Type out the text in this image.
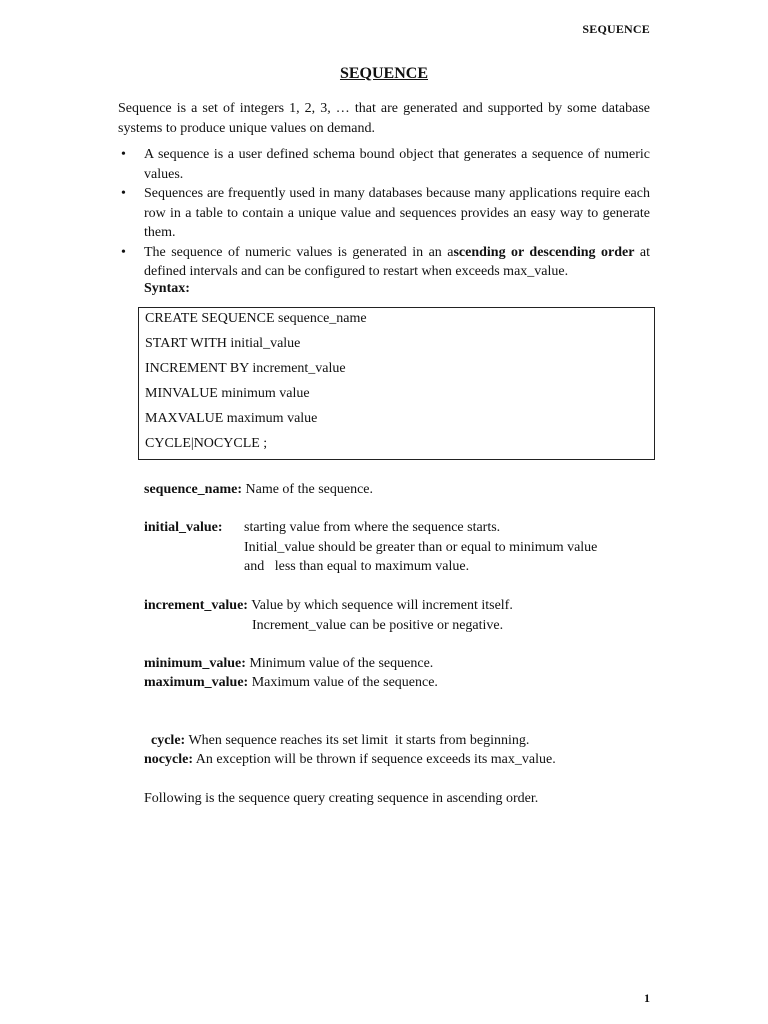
SEQUENCE
SEQUENCE
Sequence is a set of integers 1, 2, 3, … that are generated and supported by some database systems to produce unique values on demand.
• A sequence is a user defined schema bound object that generates a sequence of numeric values.
• Sequences are frequently used in many databases because many applications require each row in a table to contain a unique value and sequences provides an easy way to generate them.
• The sequence of numeric values is generated in an ascending or descending order at defined intervals and can be configured to restart when exceeds max_value.
Syntax:
CREATE SEQUENCE sequence_name
START WITH initial_value
INCREMENT BY increment_value
MINVALUE minimum value
MAXVALUE maximum value
CYCLE|NOCYCLE ;
sequence_name: Name of the sequence.
initial_value: starting value from where the sequence starts.
Initial_value should be greater than or equal to minimum value
and   less than equal to maximum value.
increment_value: Value by which sequence will increment itself.
Increment_value can be positive or negative.
minimum_value: Minimum value of the sequence.
maximum_value: Maximum value of the sequence.

cycle: When sequence reaches its set limit  it starts from beginning.

nocycle: An exception will be thrown if sequence exceeds its max_value.
Following is the sequence query creating sequence in ascending order.
1
